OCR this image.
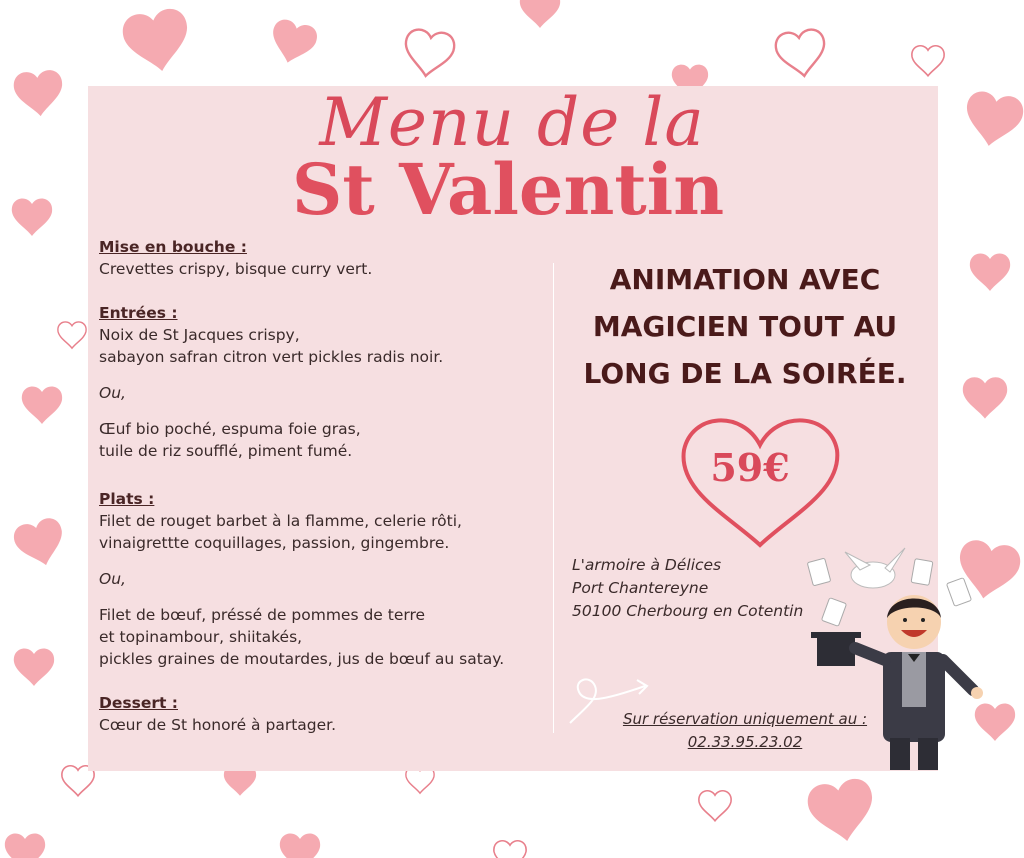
Menu de la
St Valentin
Mise en bouche :
Crevettes crispy, bisque curry vert.
Entrées :
Noix de St Jacques crispy,
sabayon safran citron vert pickles radis noir.
Ou,
Œuf bio poché, espuma foie gras,
tuile de riz soufflé, piment fumé.
Plats :
Filet de rouget barbet à la flamme, celerie rôti,
vinaigrettte coquillages, passion, gingembre.
Ou,
Filet de bœuf, préssé de pommes de terre
et topinambour, shiitakés,
pickles graines de moutardes, jus de bœuf au satay.
Dessert :
Cœur de St honoré à partager.
ANIMATION AVEC
MAGICIEN TOUT AU
LONG DE LA SOIRÉE.
59€
L'armoire à Délices
Port Chantereyne
50100 Cherbourg en Cotentin
Sur réservation uniquement au :
02.33.95.23.02
